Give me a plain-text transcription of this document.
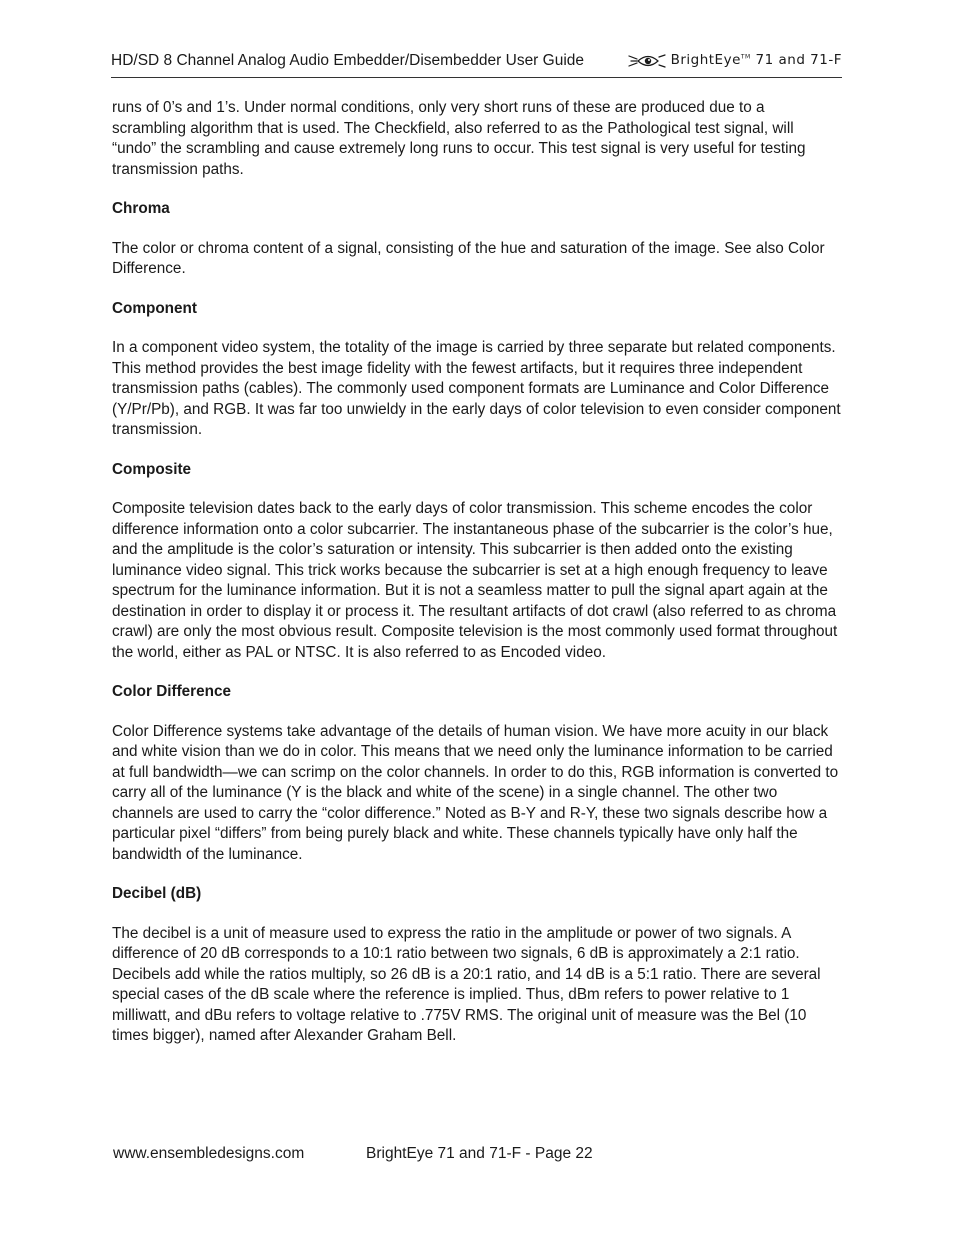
HD/SD 8 Channel Analog Audio Embedder/Disembedder User Guide	BrightEye™ 71 and 71-F

runs of 0’s and 1’s. Under normal conditions, only very short runs of these are produced due to a scrambling algorithm that is used. The Checkfield, also referred to as the Pathological test signal, will “undo” the scrambling and cause extremely long runs to occur. This test signal is very useful for testing transmission paths.

Chroma

The color or chroma content of a signal, consisting of the hue and saturation of the image. See also Color Difference.

Component

In a component video system, the totality of the image is carried by three separate but related components. This method provides the best image fidelity with the fewest artifacts, but it requires three independent transmission paths (cables). The commonly used component formats are Luminance and Color Difference (Y/Pr/Pb), and RGB. It was far too unwieldy in the early days of color television to even consider component transmission.

Composite

Composite television dates back to the early days of color transmission. This scheme encodes the color difference information onto a color subcarrier. The instantaneous phase of the subcarrier is the color’s hue, and the amplitude is the color’s saturation or intensity. This subcarrier is then added onto the existing luminance video signal. This trick works because the subcarrier is set at a high enough frequency to leave spectrum for the luminance information. But it is not a seamless matter to pull the signal apart again at the destination in order to display it or process it. The resultant artifacts of dot crawl (also referred to as chroma crawl) are only the most obvious result. Composite television is the most commonly used format throughout the world, either as PAL or NTSC. It is also referred to as Encoded video.

Color Difference

Color Difference systems take advantage of the details of human vision. We have more acuity in our black and white vision than we do in color. This means that we need only the luminance information to be carried at full bandwidth—we can scrimp on the color channels. In order to do this, RGB information is converted to carry all of the luminance (Y is the black and white of the scene) in a single channel. The other two channels are used to carry the “color difference.” Noted as B-Y and R-Y, these two signals describe how a particular pixel “differs” from being purely black and white. These channels typically have only half the bandwidth of the luminance.

Decibel (dB)

The decibel is a unit of measure used to express the ratio in the amplitude or power of two signals. A difference of 20 dB corresponds to a 10:1 ratio between two signals, 6 dB is approximately a 2:1 ratio. Decibels add while the ratios multiply, so 26 dB is a 20:1 ratio, and 14 dB is a 5:1 ratio. There are several special cases of the dB scale where the reference is implied. Thus, dBm refers to power relative to 1 milliwatt, and dBu refers to voltage relative to .775V RMS. The original unit of measure was the Bel (10 times bigger), named after Alexander Graham Bell.

www.ensembledesigns.com	BrightEye 71 and 71-F - Page 22
